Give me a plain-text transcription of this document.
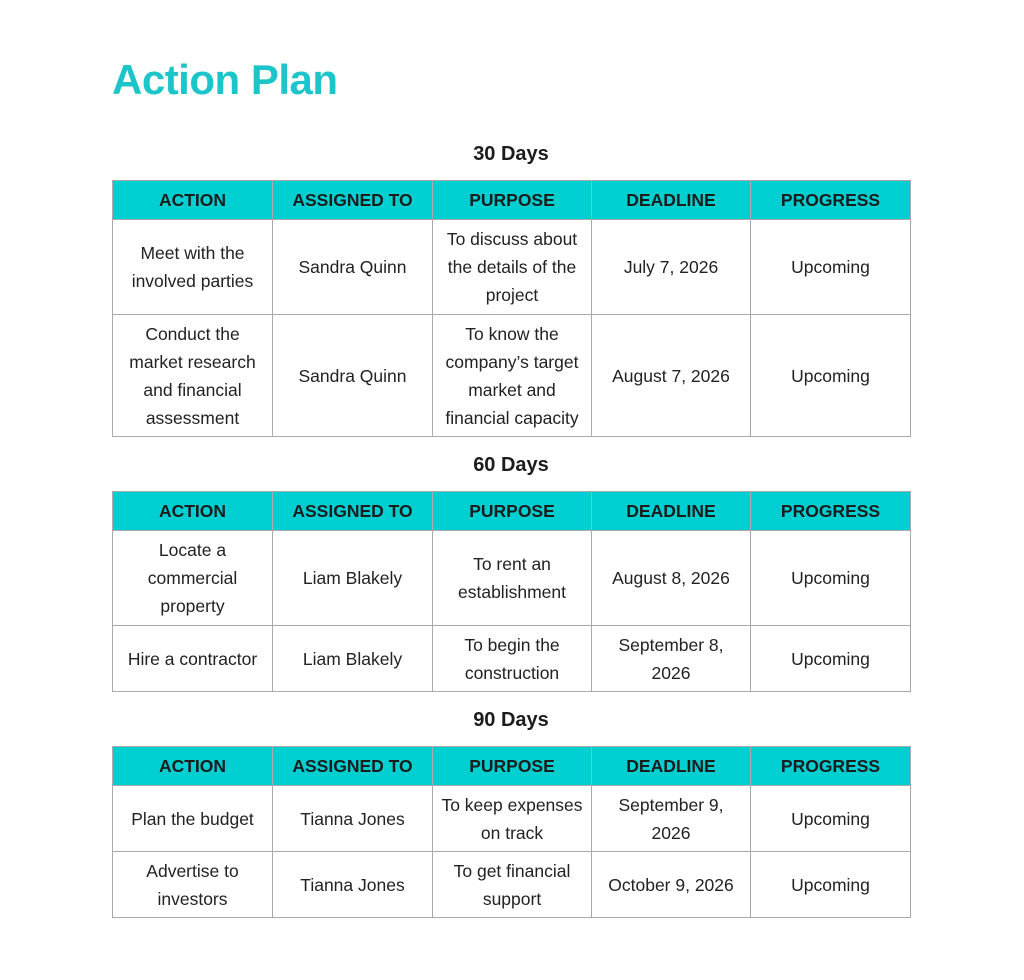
Action Plan
30 Days
ACTION	ASSIGNED TO	PURPOSE	DEADLINE	PROGRESS
Meet with the involved parties	Sandra Quinn	To discuss about the details of the project	July 7, 2026	Upcoming
Conduct the market research and financial assessment	Sandra Quinn	To know the company’s target market and financial capacity	August 7, 2026	Upcoming
60 Days
ACTION	ASSIGNED TO	PURPOSE	DEADLINE	PROGRESS
Locate a commercial property	Liam Blakely	To rent an establishment	August 8, 2026	Upcoming
Hire a contractor	Liam Blakely	To begin the construction	September 8, 2026	Upcoming
90 Days
ACTION	ASSIGNED TO	PURPOSE	DEADLINE	PROGRESS
Plan the budget	Tianna Jones	To keep expenses on track	September 9, 2026	Upcoming
Advertise to investors	Tianna Jones	To get financial support	October 9, 2026	Upcoming
